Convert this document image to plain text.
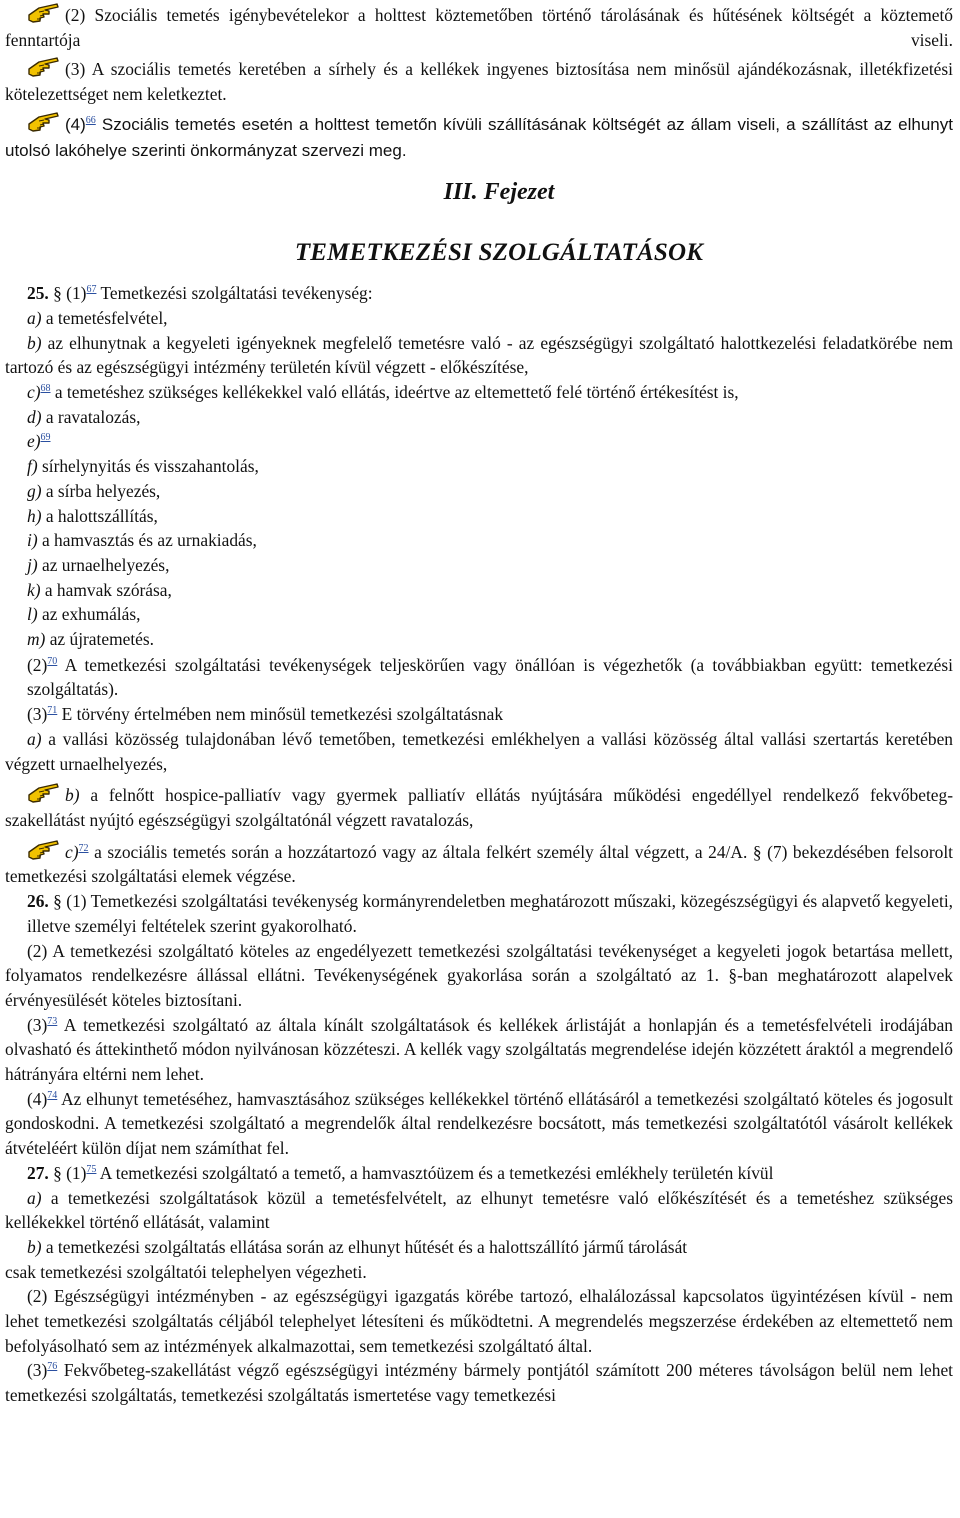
(2) Szociális temetés igénybevételekor a holttest köztemetőben történő tárolásának és hűtésének költségét a köztemető fenntartója viseli.

(3) A szociális temetés keretében a sírhely és a kellékek ingyenes biztosítása nem minősül ajándékozásnak, illetékfizetési kötelezettséget nem keletkeztet.

(4)$^{66}$ Szociális temetés esetén a holttest temetőn kívüli szállításának költségét az állam viseli, a szállítást az elhunyt utolsó lakóhelye szerinti önkormányzat szervezi meg.

III. Fejezet
TEMETKEZÉSI SZOLGÁLTATÁSOK

25. § (1)$^{67}$ Temetkezési szolgáltatási tevékenység:

a) a temetésfelvétel,

b) az elhunytnak a kegyeleti igényeknek megfelelő temetésre való - az egészségügyi szolgáltató halottkezelési feladatkörébe nem tartozó és az egészségügyi intézmény területén kívül végzett - előkészítése,

c)$^{68}$ a temetéshez szükséges kellékekkel való ellátás, ideértve az eltemettető felé történő értékesítést is,

d) a ravatalozás,

e)$^{69}$

f) sírhelynyitás és visszahantolás,

g) a sírba helyezés,

h) a halottszállítás,

i) a hamvasztás és az urnakiadás,

j) az urnaelhelyezés,

k) a hamvak szórása,

l) az exhumálás,

m) az újratemetés.

(2)$^{70}$ A temetkezési szolgáltatási tevékenységek teljeskörűen vagy önállóan is végezhetők (a továbbiakban együtt: temetkezési szolgáltatás).

(3)$^{71}$ E törvény értelmében nem minősül temetkezési szolgáltatásnak

a) a vallási közösség tulajdonában lévő temetőben, temetkezési emlékhelyen a vallási közösség által vallási szertartás keretében végzett urnaelhelyezés,

b) a felnőtt hospice-palliatív vagy gyermek palliatív ellátás nyújtására működési engedéllyel rendelkező fekvőbeteg-szakellátást nyújtó egészségügyi szolgáltatónál végzett ravatalozás,

c)$^{72}$ a szociális temetés során a hozzátartozó vagy az általa felkért személy által végzett, a 24/A. § (7) bekezdésében felsorolt temetkezési szolgáltatási elemek végzése.

26. § (1) Temetkezési szolgáltatási tevékenység kormányrendeletben meghatározott műszaki, közegészségügyi és alapvető kegyeleti, illetve személyi feltételek szerint gyakorolható.

(2) A temetkezési szolgáltató köteles az engedélyezett temetkezési szolgáltatási tevékenységet a kegyeleti jogok betartása mellett, folyamatos rendelkezésre állással ellátni. Tevékenységének gyakorlása során a szolgáltató az 1. §-ban meghatározott alapelvek érvényesülését köteles biztosítani.

(3)$^{73}$ A temetkezési szolgáltató az általa kínált szolgáltatások és kellékek árlistáját a honlapján és a temetésfelvételi irodájában olvasható és áttekinthető módon nyilvánosan közzéteszi. A kellék vagy szolgáltatás megrendelése idején közzétett áraktól a megrendelő hátrányára eltérni nem lehet.

(4)$^{74}$ Az elhunyt temetéséhez, hamvasztásához szükséges kellékekkel történő ellátásáról a temetkezési szolgáltató köteles és jogosult gondoskodni. A temetkezési szolgáltató a megrendelők által rendelkezésre bocsátott, más temetkezési szolgáltatótól vásárolt kellékek átvételéért külön díjat nem számíthat fel.

27. § (1)$^{75}$ A temetkezési szolgáltató a temető, a hamvasztóüzem és a temetkezési emlékhely területén kívül

a) a temetkezési szolgáltatások közül a temetésfelvételt, az elhunyt temetésre való előkészítését és a temetéshez szükséges kellékekkel történő ellátását, valamint

b) a temetkezési szolgáltatás ellátása során az elhunyt hűtését és a halottszállító jármű tárolását

csak temetkezési szolgáltatói telephelyen végezheti.

(2) Egészségügyi intézményben - az egészségügyi igazgatás körébe tartozó, elhalálozással kapcsolatos ügyintézésen kívül - nem lehet temetkezési szolgáltatás céljából telephelyet létesíteni és működtetni. A megrendelés megszerzése érdekében az eltemettető nem befolyásolható sem az intézmények alkalmazottai, sem temetkezési szolgáltató által.

(3)$^{76}$ Fekvőbeteg-szakellátást végző egészségügyi intézmény bármely pontjától számított 200 méteres távolságon belül nem lehet temetkezési szolgáltatás, temetkezési szolgáltatás ismertetése vagy temetkezési
